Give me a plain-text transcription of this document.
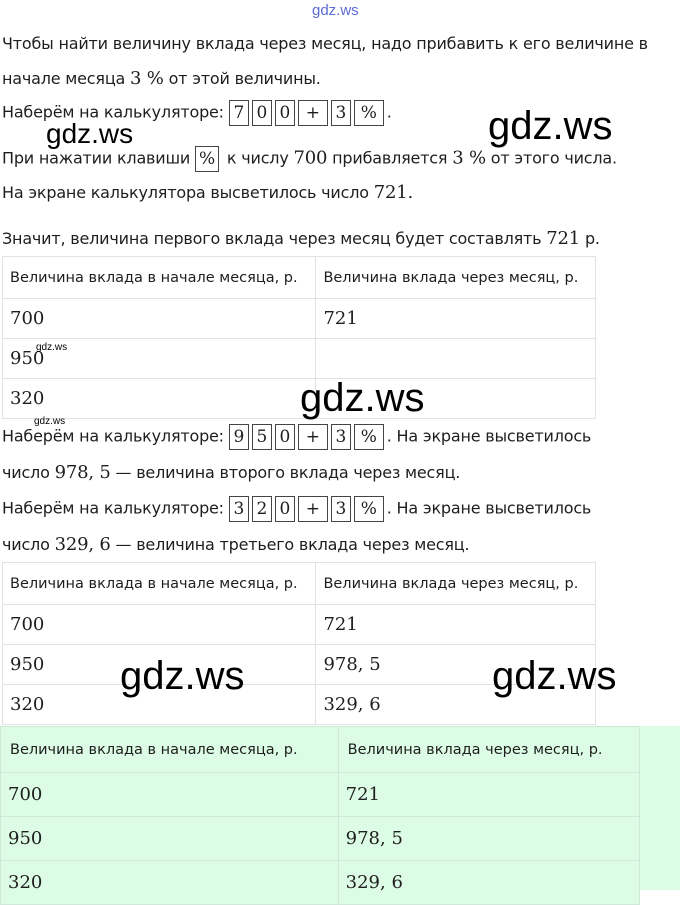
gdz.ws
Чтобы найти величину вклада через месяц, надо прибавить к его величине в
начале месяца 3 % от этой величины.
Наберём на калькуляторе: 7 0 0 + 3 % .
gdz.ws	gdz.ws
При нажатии клавиши % к числу 700 прибавляется 3 % от этого числа.
На экране калькулятора высветилось число 721.
Значит, величина первого вклада через месяц будет составлять 721 р.
Величина вклада в начале месяца, р.	Величина вклада через месяц, р.
700	721
950	
320	
gdz.ws
gdz.ws
gdz.ws
Наберём на калькуляторе: 9 5 0 + 3 % . На экране высветилось
число 978, 5 — величина второго вклада через месяц.
Наберём на калькуляторе: 3 2 0 + 3 % . На экране высветилось
число 329, 6 — величина третьего вклада через месяц.
Величина вклада в начале месяца, р.	Величина вклада через месяц, р.
700	721
950	978, 5
320	329, 6
gdz.ws	gdz.ws
Величина вклада в начале месяца, р.	Величина вклада через месяц, р.
700	721
950	978, 5
320	329, 6
